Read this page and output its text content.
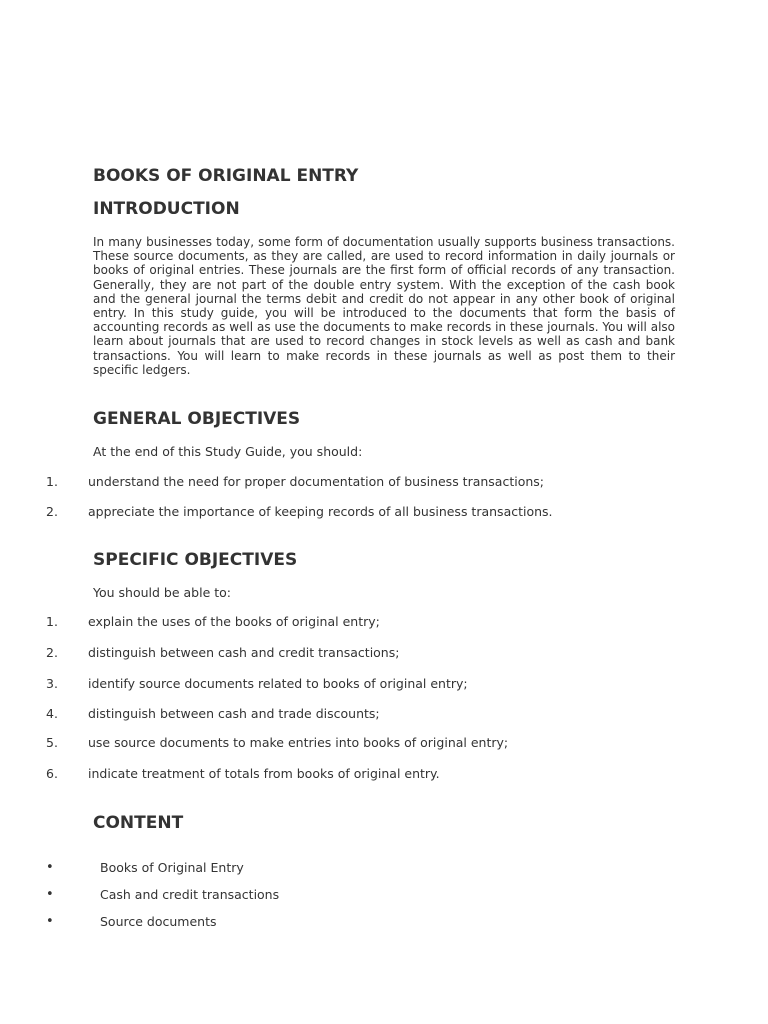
BOOKS OF ORIGINAL ENTRY
INTRODUCTION

In many businesses today, some form of documentation usually supports business transactions. These source documents, as they are called, are used to record information in daily journals or books of original entries. These journals are the first form of official records of any transaction. Generally, they are not part of the double entry system. With the exception of the cash book and the general journal the terms debit and credit do not appear in any other book of original entry. In this study guide, you will be introduced to the documents that form the basis of accounting records as well as use the documents to make records in these journals. You will also learn about journals that are used to record changes in stock levels as well as cash and bank transactions. You will learn to make records in these journals as well as post them to their specific ledgers.

GENERAL OBJECTIVES
At the end of this Study Guide, you should:
1. understand the need for proper documentation of business transactions;
2. appreciate the importance of keeping records of all business transactions.
SPECIFIC OBJECTIVES
You should be able to:
1. explain the uses of the books of original entry;
2. distinguish between cash and credit transactions;
3. identify source documents related to books of original entry;
4. distinguish between cash and trade discounts;
5. use source documents to make entries into books of original entry;
6. indicate treatment of totals from books of original entry.
CONTENT
•	Books of Original Entry
•	Cash and credit transactions
•	Source documents
